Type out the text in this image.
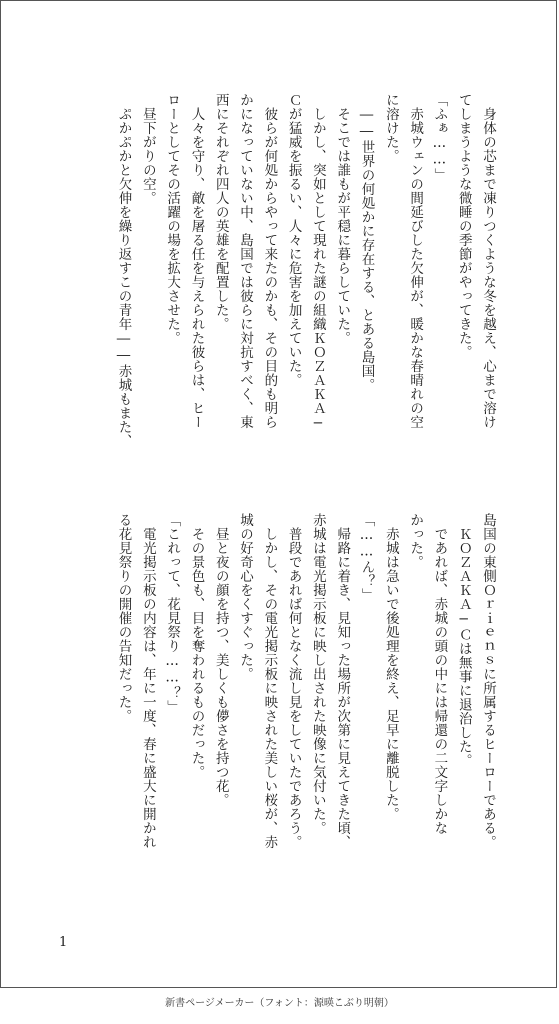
　身体の芯まで凍りつくような冬を越え、心まで溶け
てしまうような微睡の季節がやってきた。
「ふぁ……」
　赤城ウェンの間延びした欠伸が、暖かな春晴れの空
に溶けた。
　――世界の何処かに存在する、とある島国。
　そこでは誰もが平穏に暮らしていた。
　しかし、突如として現れた謎の組織ＫＯＺＡＫＡ−
Ｃが猛威を振るい、人々に危害を加えていた。
　彼らが何処からやって来たのかも、その目的も明ら
かになっていない中、島国では彼らに対抗すべく、東
西にそれぞれ四人の英雄を配置した。
　人々を守り、敵を屠る任を与えられた彼らは、ヒー
ローとしてその活躍の場を拡大させた。
　昼下がりの空。
　ぷかぷかと欠伸を繰り返すこの青年――赤城もまた、
島国の東側Ｏｒｉｅｎｓに所属するヒーローである。
　ＫＯＺＡＫＡ−Ｃは無事に退治した。
　であれば、赤城の頭の中には帰還の二文字しかな
かった。
　赤城は急いで後処理を終え、足早に離脱した。
「……ん？」
　帰路に着き、見知った場所が次第に見えてきた頃、
赤城は電光掲示板に映し出された映像に気付いた。
　普段であれば何となく流し見をしていたであろう。
　しかし、その電光掲示板に映された美しい桜が、赤
城の好奇心をくすぐった。
　昼と夜の顔を持つ、美しくも儚さを持つ花。
　その景色も、目を奪われるものだった。
「これって、花見祭り……？」
　電光掲示板の内容は、年に一度、春に盛大に開かれ
る花見祭りの開催の告知だった。
1
新書ページメーカー（フォント：源暎こぶり明朝）
